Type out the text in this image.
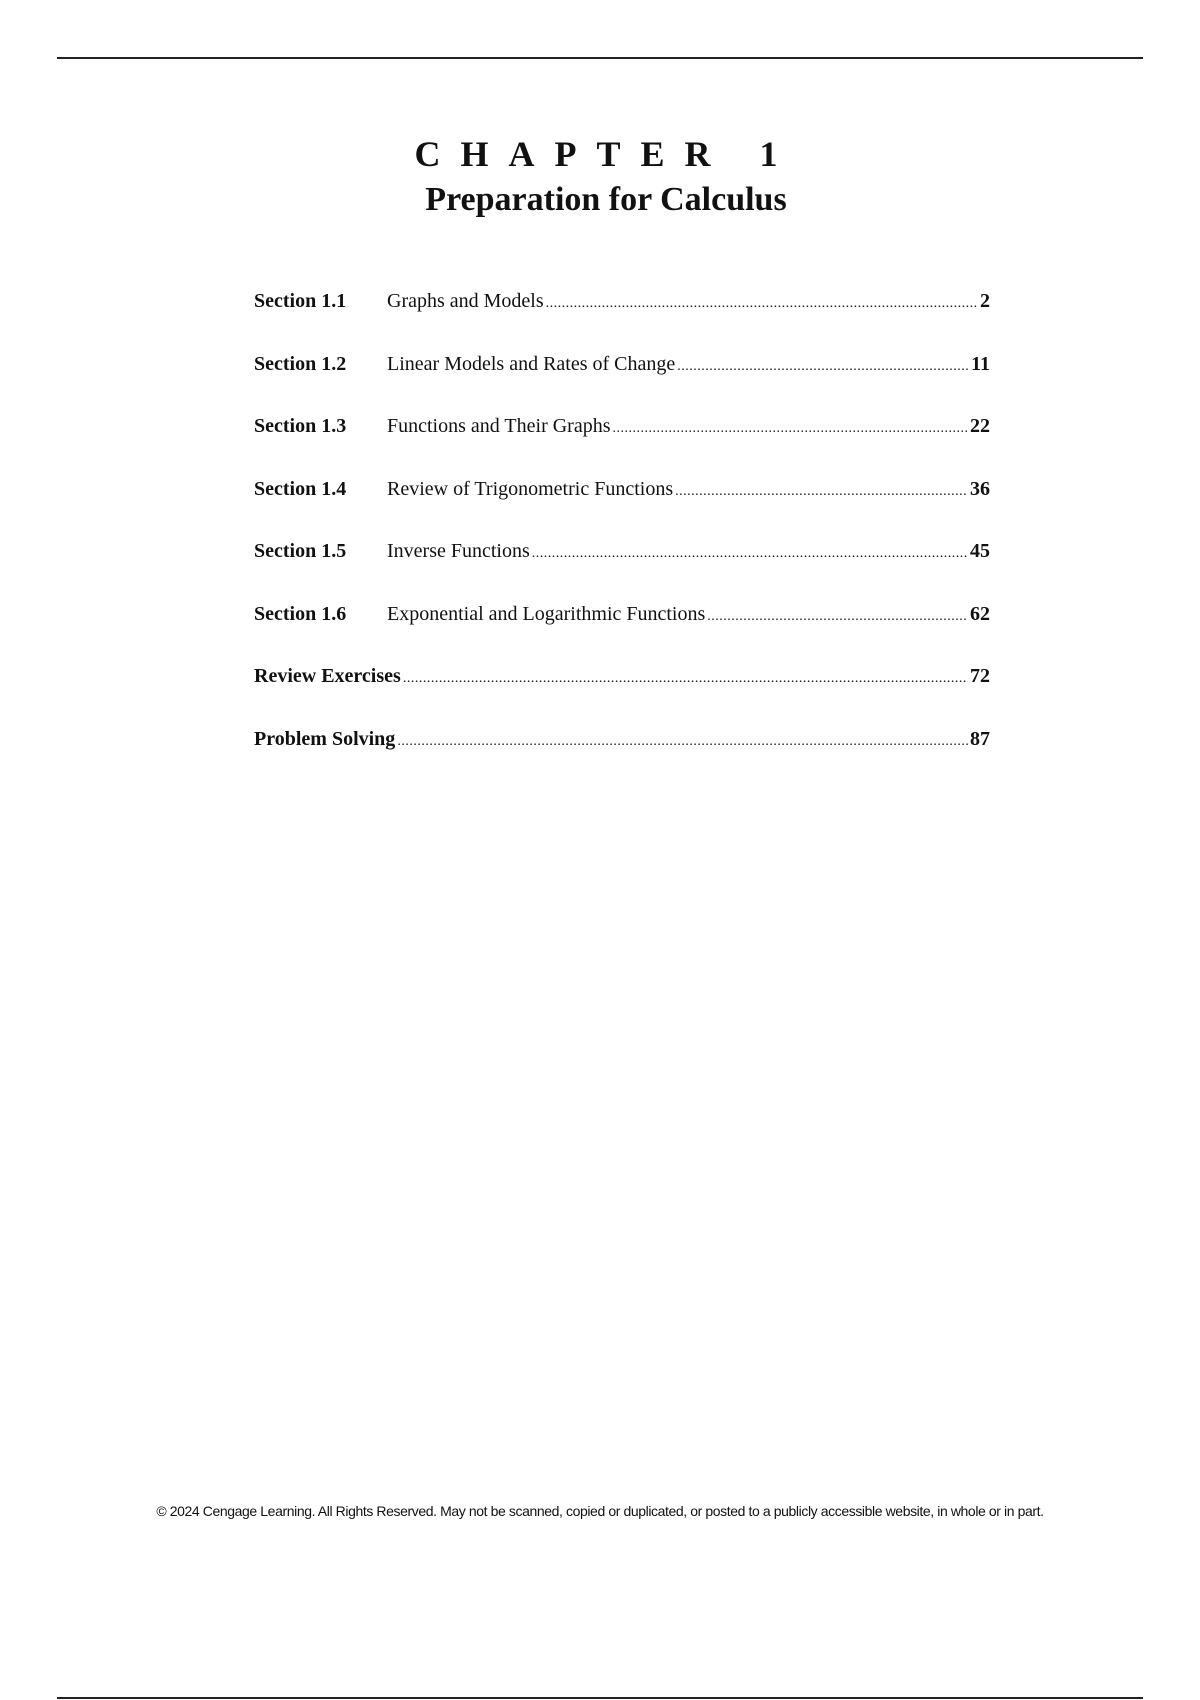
CHAPTER 1
Preparation for Calculus
Section 1.1	Graphs and Models .....	2
Section 1.2	Linear Models and Rates of Change .....	11
Section 1.3	Functions and Their Graphs .....	22
Section 1.4	Review of Trigonometric Functions .....	36
Section 1.5	Inverse Functions .....	45
Section 1.6	Exponential and Logarithmic Functions .....	62
Review Exercises .....	72
Problem Solving .....	87
© 2024 Cengage Learning. All Rights Reserved. May not be scanned, copied or duplicated, or posted to a publicly accessible website, in whole or in part.
